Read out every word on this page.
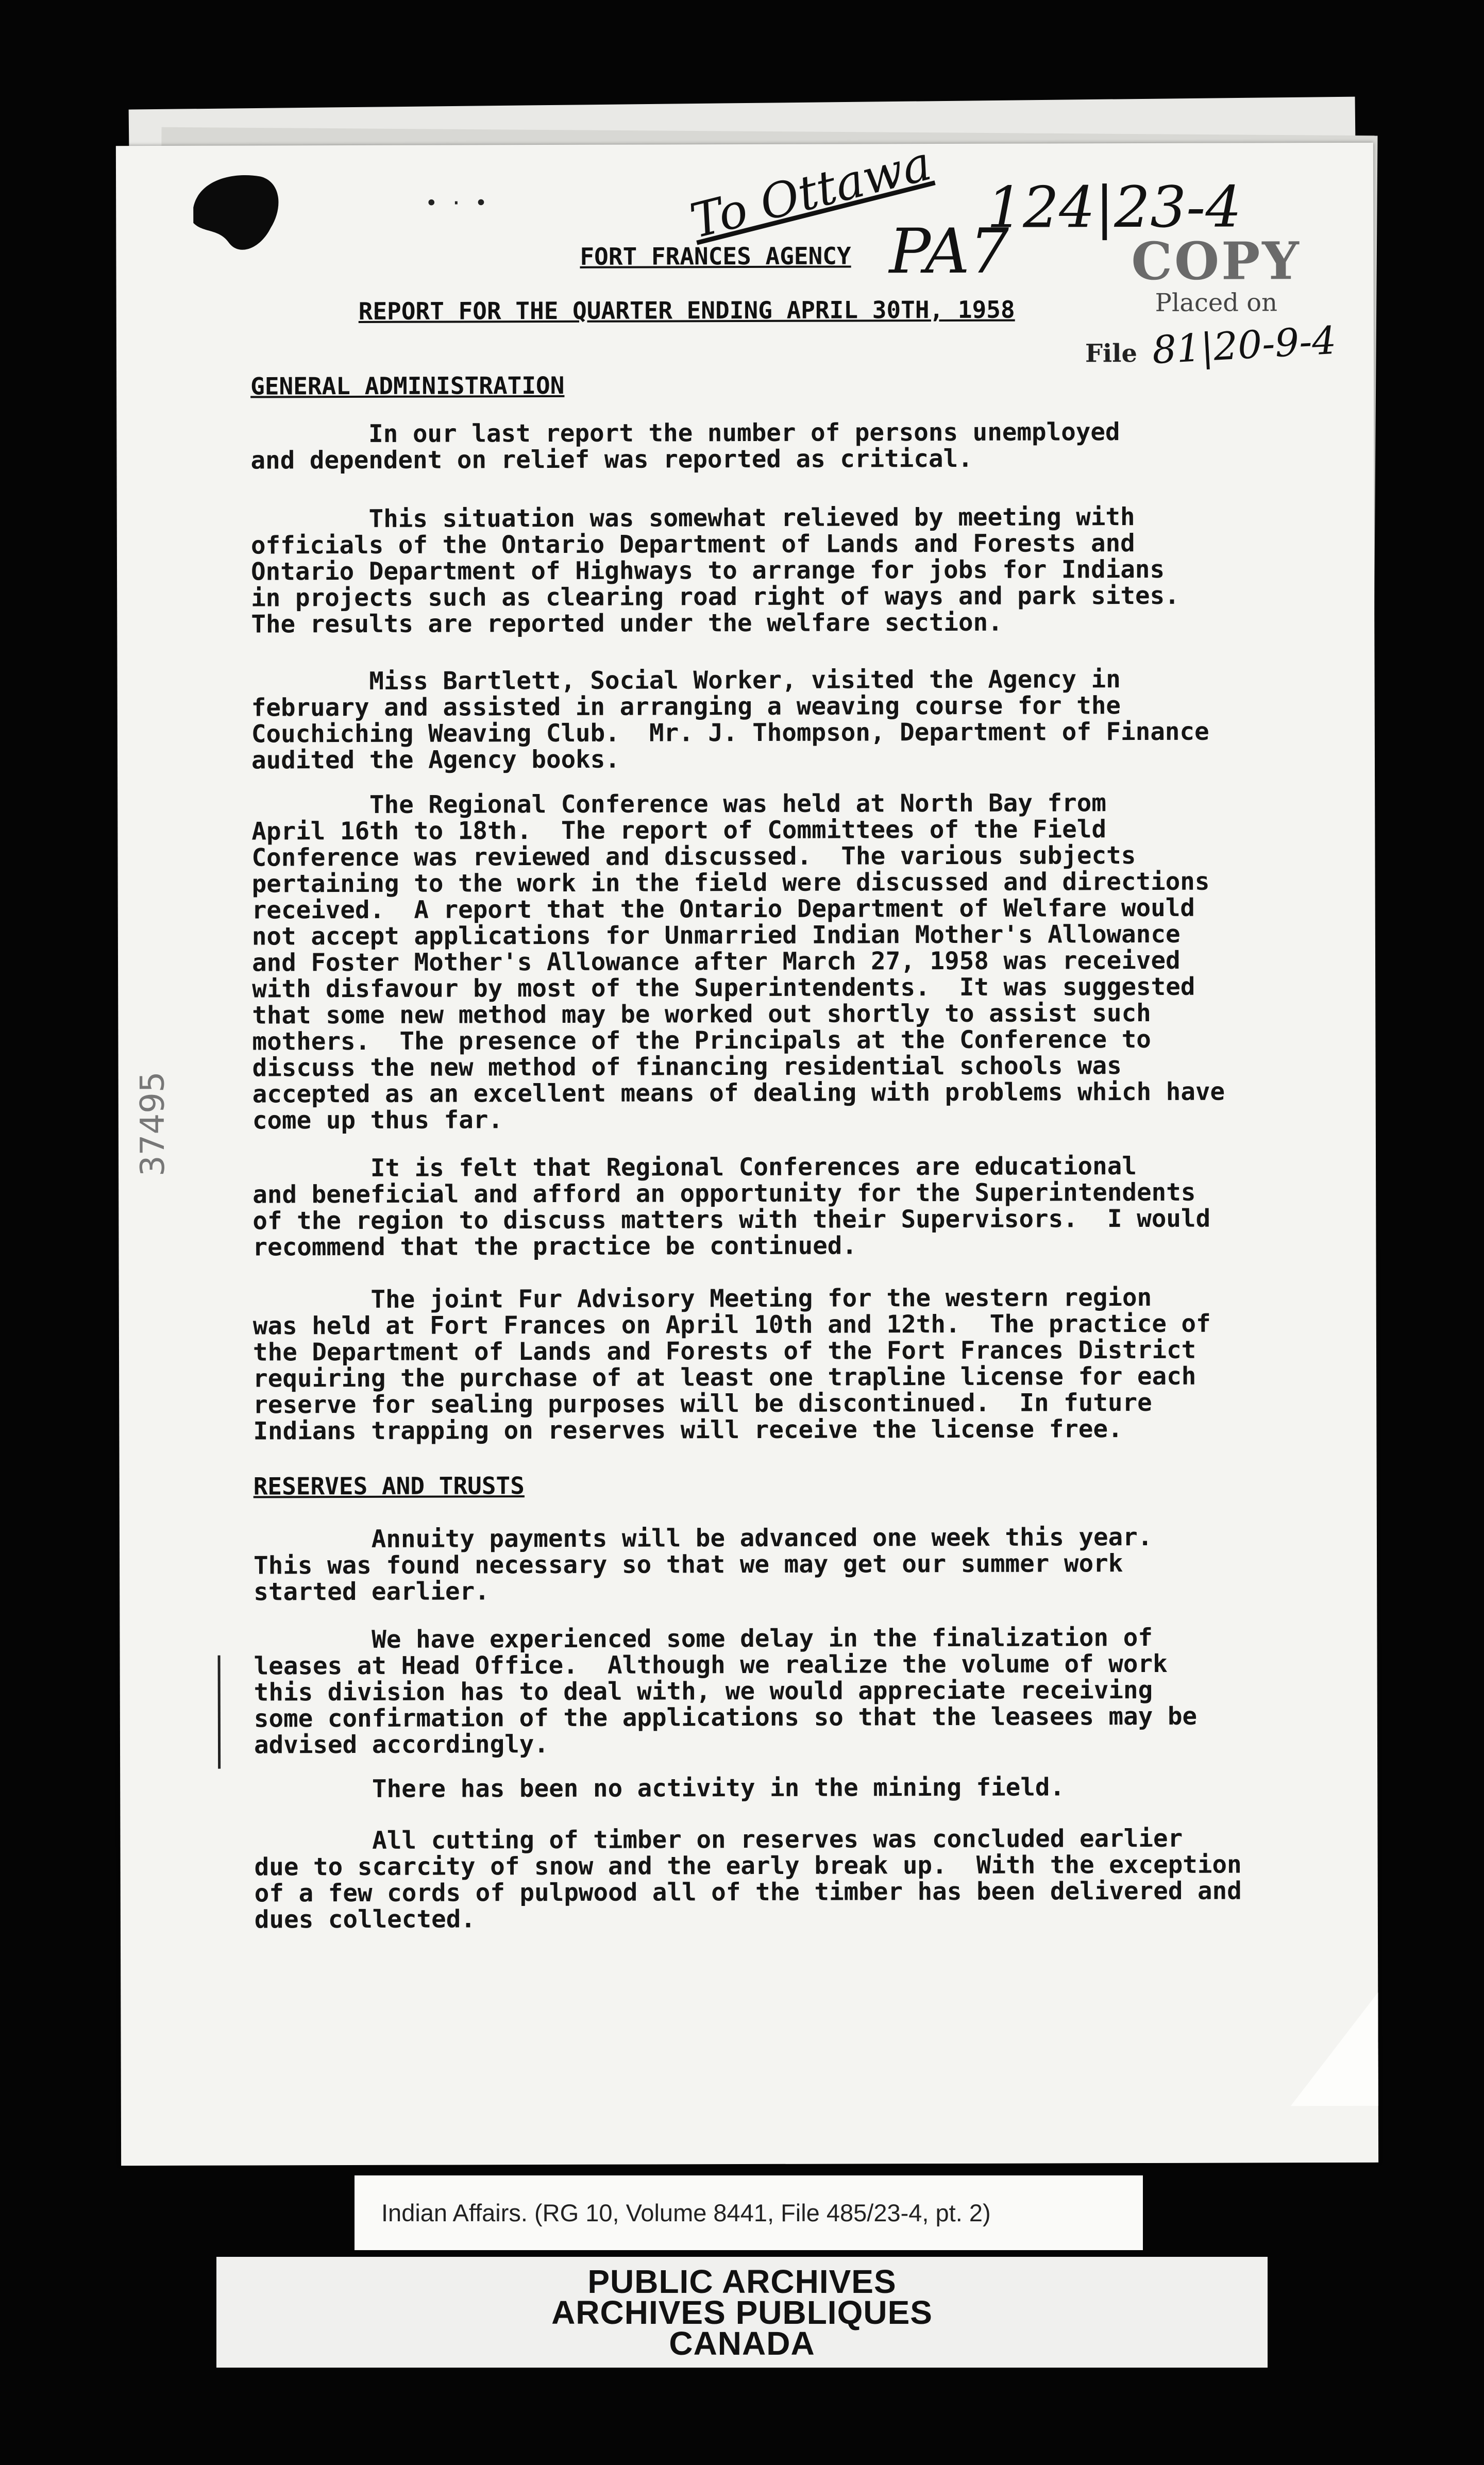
• · •	To Ottawa
PA7
124|23-4
COPY
Placed on
File 81|20-9-4
FORT FRANCES AGENCY
REPORT FOR THE QUARTER ENDING APRIL 30TH, 1958
GENERAL ADMINISTRATION
In our last report the number of persons unemployed
and dependent on relief was reported as critical.
This situation was somewhat relieved by meeting with
officials of the Ontario Department of Lands and Forests and
Ontario Department of Highways to arrange for jobs for Indians
in projects such as clearing road right of ways and park sites.
The results are reported under the welfare section.
Miss Bartlett, Social Worker, visited the Agency in
february and assisted in arranging a weaving course for the
Couchiching Weaving Club.  Mr. J. Thompson, Department of Finance
audited the Agency books.
The Regional Conference was held at North Bay from
April 16th to 18th.  The report of Committees of the Field
Conference was reviewed and discussed.  The various subjects
pertaining to the work in the field were discussed and directions
received.  A report that the Ontario Department of Welfare would
not accept applications for Unmarried Indian Mother's Allowance
and Foster Mother's Allowance after March 27, 1958 was received
with disfavour by most of the Superintendents.  It was suggested
that some new method may be worked out shortly to assist such
mothers.  The presence of the Principals at the Conference to
discuss the new method of financing residential schools was
accepted as an excellent means of dealing with problems which have
come up thus far.
It is felt that Regional Conferences are educational
and beneficial and afford an opportunity for the Superintendents
of the region to discuss matters with their Supervisors.  I would
recommend that the practice be continued.
The joint Fur Advisory Meeting for the western region
was held at Fort Frances on April 10th and 12th.  The practice of
the Department of Lands and Forests of the Fort Frances District
requiring the purchase of at least one trapline license for each
reserve for sealing purposes will be discontinued.  In future
Indians trapping on reserves will receive the license free.
RESERVES AND TRUSTS
Annuity payments will be advanced one week this year.
This was found necessary so that we may get our summer work
started earlier.
We have experienced some delay in the finalization of
leases at Head Office.  Although we realize the volume of work
this division has to deal with, we would appreciate receiving
some confirmation of the applications so that the leasees may be
advised accordingly.
There has been no activity in the mining field.
All cutting of timber on reserves was concluded earlier
due to scarcity of snow and the early break up.  With the exception
of a few cords of pulpwood all of the timber has been delivered and
dues collected.
37495
Indian Affairs. (RG 10, Volume 8441, File 485/23-4, pt. 2)
PUBLIC ARCHIVES
ARCHIVES PUBLIQUES
CANADA
